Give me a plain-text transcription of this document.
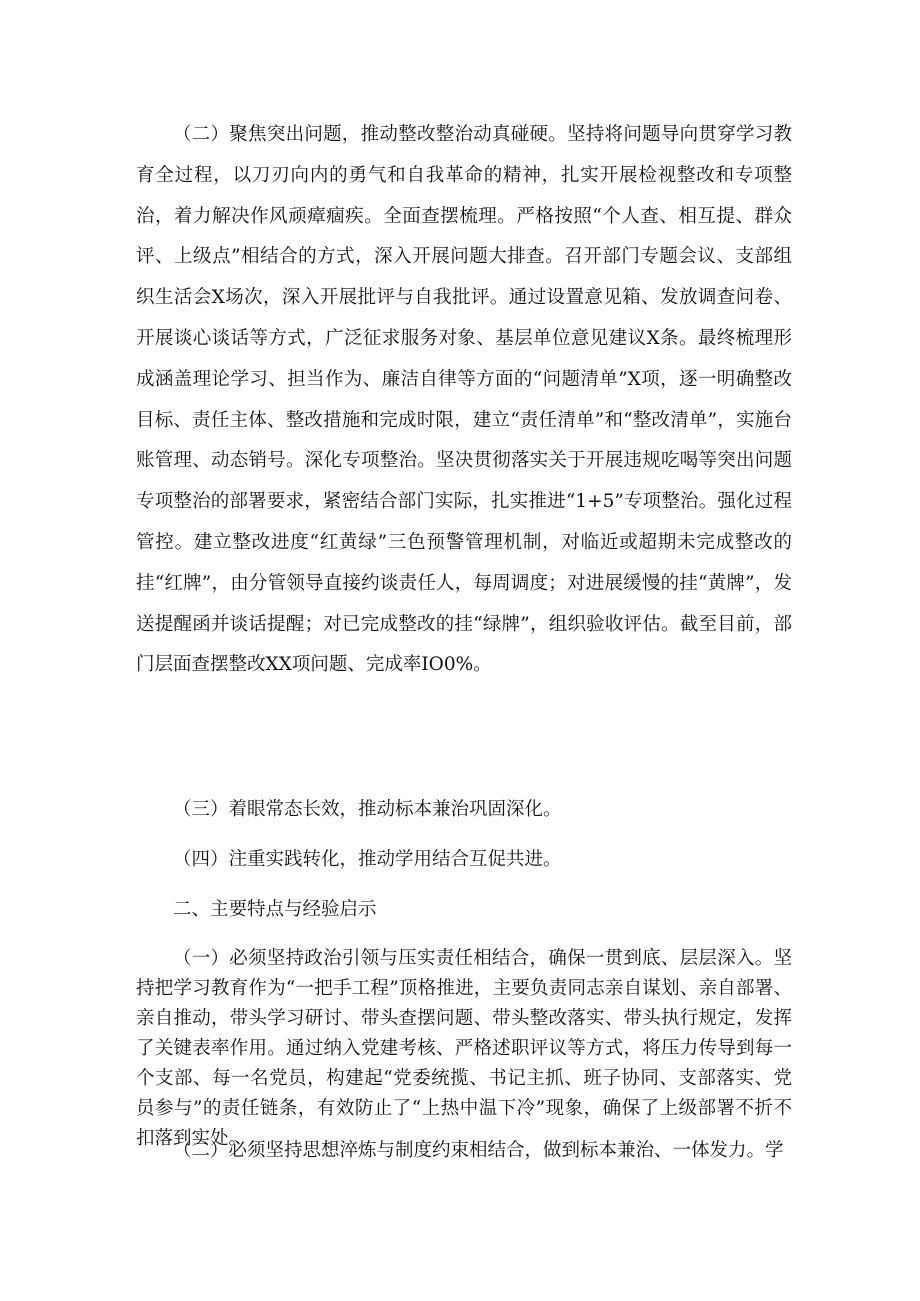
（二）聚焦突出问题，推动整改整治动真碰硬。坚持将问题导向贯穿学习教育全过程，以刀刃向内的勇气和自我革命的精神，扎实开展检视整改和专项整治，着力解决作风顽瘴痼疾。全面查摆梳理。严格按照“个人查、相互提、群众评、上级点”相结合的方式，深入开展问题大排查。召开部门专题会议、支部组织生活会X场次，深入开展批评与自我批评。通过设置意见箱、发放调查问卷、开展谈心谈话等方式，广泛征求服务对象、基层单位意见建议X条。最终梳理形成涵盖理论学习、担当作为、廉洁自律等方面的“问题清单”X项，逐一明确整改目标、责任主体、整改措施和完成时限，建立“责任清单”和“整改清单”，实施台账管理、动态销号。深化专项整治。坚决贯彻落实关于开展违规吃喝等突出问题专项整治的部署要求，紧密结合部门实际，扎实推进“1+5”专项整治。强化过程管控。建立整改进度“红黄绿”三色预警管理机制，对临近或超期未完成整改的挂“红牌”，由分管领导直接约谈责任人，每周调度；对进展缓慢的挂“黄牌”，发送提醒函并谈话提醒；对已完成整改的挂“绿牌”，组织验收评估。截至目前，部门层面查摆整改XX项问题、完成率IO0%。

（三）着眼常态长效，推动标本兼治巩固深化。

（四）注重实践转化，推动学用结合互促共进。

二、主要特点与经验启示

（一）必须坚持政治引领与压实责任相结合，确保一贯到底、层层深入。坚持把学习教育作为“一把手工程”顶格推进，主要负责同志亲自谋划、亲自部署、亲自推动，带头学习研讨、带头查摆问题、带头整改落实、带头执行规定，发挥了关键表率作用。通过纳入党建考核、严格述职评议等方式，将压力传导到每一个支部、每一名党员，构建起“党委统揽、书记主抓、班子协同、支部落实、党员参与”的责任链条，有效防止了“上热中温下冷”现象，确保了上级部署不折不扣落到实处。

（二）必须坚持思想淬炼与制度约束相结合，做到标本兼治、一体发力。学
